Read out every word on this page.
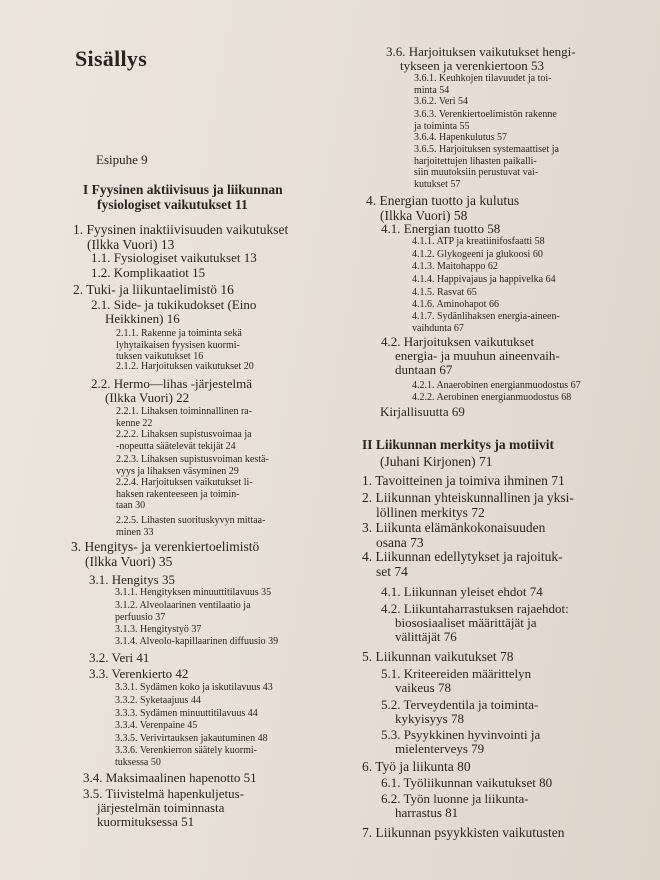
Sisällys
Esipuhe 9
I Fyysinen aktiivisuus ja liikunnan
fysiologiset vaikutukset 11
1. Fyysinen inaktiivisuuden vaikutukset
(Ilkka Vuori) 13
1.1. Fysiologiset vaikutukset 13
1.2. Komplikaatiot 15
2. Tuki- ja liikuntaelimistö 16
2.1. Side- ja tukikudokset (Eino
Heikkinen) 16
2.1.1. Rakenne ja toiminta sekä
lyhytaikaisen fyysisen kuormi-
tuksen vaikutukset 16
2.1.2. Harjoituksen vaikutukset 20
2.2. Hermo—lihas -järjestelmä
(Ilkka Vuori) 22
2.2.1. Lihaksen toiminnallinen ra-
kenne 22
2.2.2. Lihaksen supistusvoimaa ja
-nopeutta säätelevät tekijät 24
2.2.3. Lihaksen supistusvoiman kestä-
vyys ja lihaksen väsyminen 29
2.2.4. Harjoituksen vaikutukset li-
haksen rakenteeseen ja toimin-
taan 30
2.2.5. Lihasten suorituskyvyn mittaa-
minen 33
3. Hengitys- ja verenkiertoelimistö
(Ilkka Vuori) 35
3.1. Hengitys 35
3.1.1. Hengityksen minuuttitilavuus 35
3.1.2. Alveolaarinen ventilaatio ja
perfuusio 37
3.1.3. Hengitystyö 37
3.1.4. Alveolo-kapillaarinen diffuusio 39
3.2. Veri 41
3.3. Verenkierto 42
3.3.1. Sydämen koko ja iskutilavuus 43
3.3.2. Syketaajuus 44
3.3.3. Sydämen minuuttitilavuus 44
3.3.4. Verenpaine 45
3.3.5. Verivirtauksen jakautuminen 48
3.3.6. Verenkierron säätely kuormi-
tuksessa 50
3.4. Maksimaalinen hapenotto 51
3.5. Tiivistelmä hapenkuljetus-
järjestelmän toiminnasta
kuormituksessa 51
3.6. Harjoituksen vaikutukset hengi-
tykseen ja verenkiertoon 53
3.6.1. Keuhkojen tilavuudet ja toi-
minta 54
3.6.2. Veri 54
3.6.3. Verenkiertoelimistön rakenne
ja toiminta 55
3.6.4. Hapenkulutus 57
3.6.5. Harjoituksen systemaattiset ja
harjoitettujen lihasten paikalli-
siin muutoksiin perustuvat vai-
kutukset 57
4. Energian tuotto ja kulutus
(Ilkka Vuori) 58
4.1. Energian tuotto 58
4.1.1. ATP ja kreatiinifosfaatti 58
4.1.2. Glykogeeni ja glukoosi 60
4.1.3. Maitohappo 62
4.1.4. Happivajaus ja happivelka 64
4.1.5. Rasvat 65
4.1.6. Aminohapot 66
4.1.7. Sydänlihaksen energia-aineen-
vaihdunta 67
4.2. Harjoituksen vaikutukset
energia- ja muuhun aineenvaih-
duntaan 67
4.2.1. Anaerobinen energianmuodostus 67
4.2.2. Aerobinen energianmuodostus 68
Kirjallisuutta 69
II Liikunnan merkitys ja motiivit
(Juhani Kirjonen) 71
1. Tavoitteinen ja toimiva ihminen 71
2. Liikunnan yhteiskunnallinen ja yksi-
löllinen merkitys 72
3. Liikunta elämänkokonaisuuden
osana 73
4. Liikunnan edellytykset ja rajoituk-
set 74
4.1. Liikunnan yleiset ehdot 74
4.2. Liikuntaharrastuksen rajaehdot:
biososiaaliset määrittäjät ja
välittäjät 76
5. Liikunnan vaikutukset 78
5.1. Kriteereiden määrittelyn
vaikeus 78
5.2. Terveydentila ja toiminta-
kykyisyys 78
5.3. Psyykkinen hyvinvointi ja
mielenterveys 79
6. Työ ja liikunta 80
6.1. Työliikunnan vaikutukset 80
6.2. Työn luonne ja liikunta-
harrastus 81
7. Liikunnan psyykkisten vaikutusten
